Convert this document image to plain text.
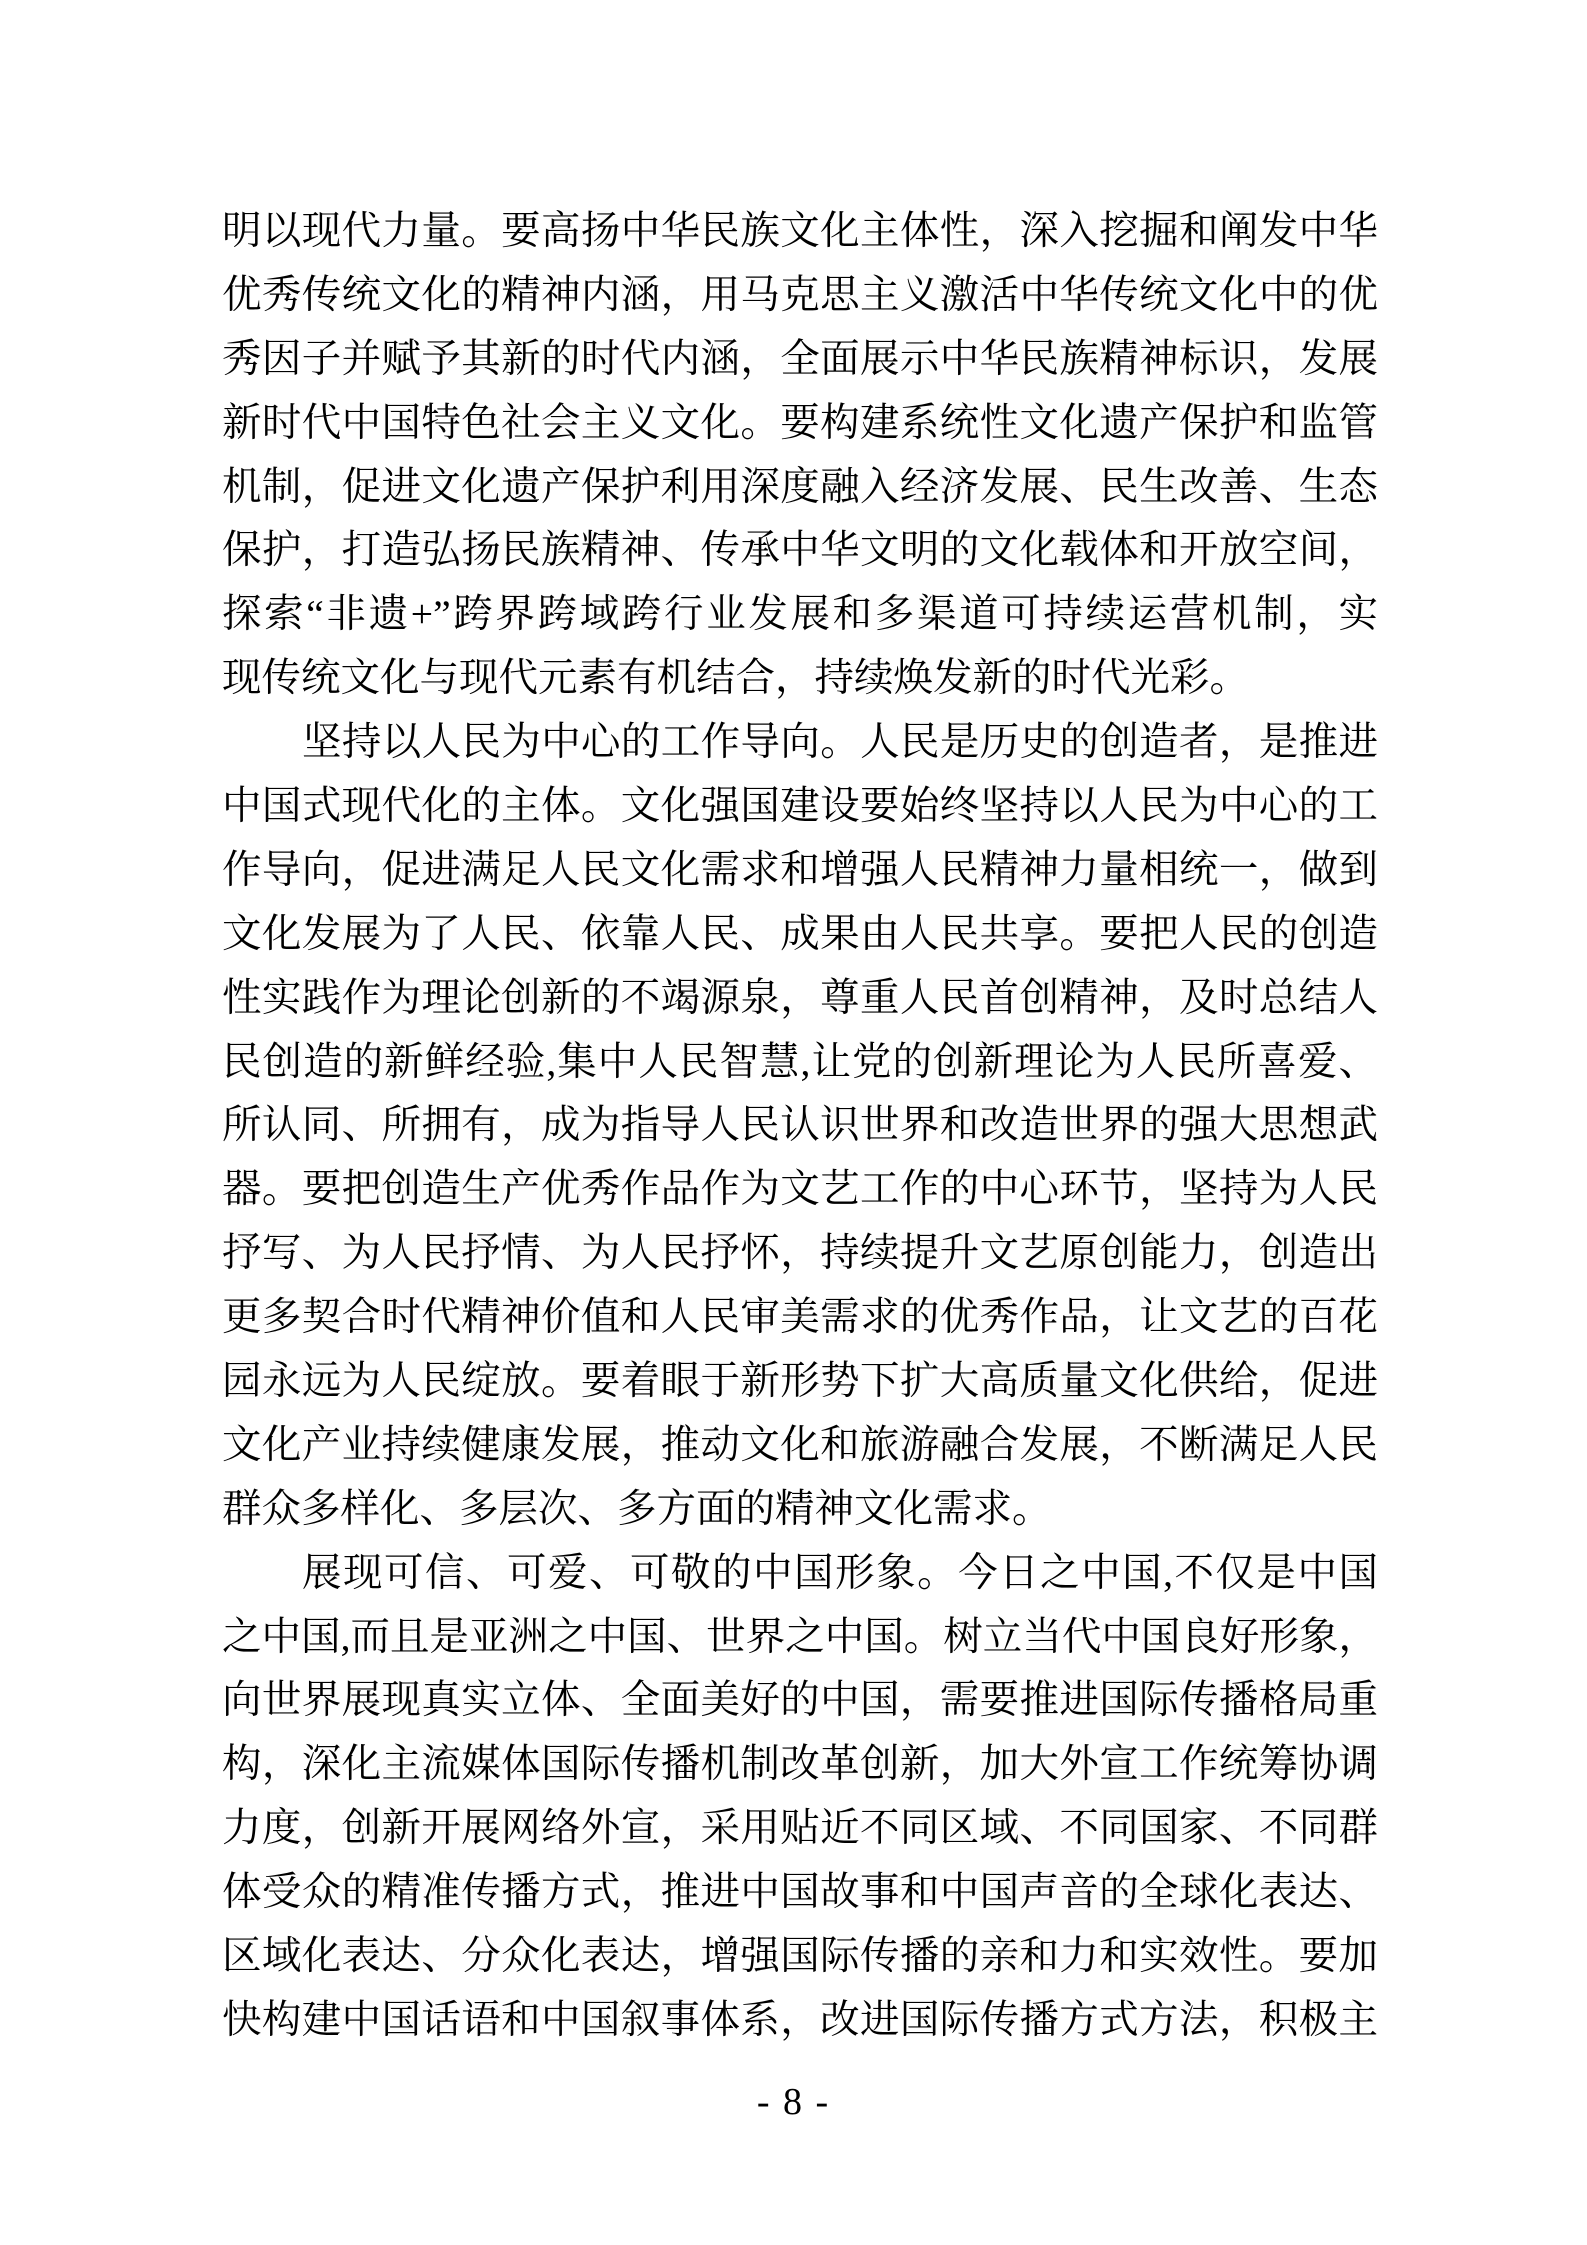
明以现代力量。要高扬中华民族文化主体性，深入挖掘和阐发中华
优秀传统文化的精神内涵，用马克思主义激活中华传统文化中的优
秀因子并赋予其新的时代内涵，全面展示中华民族精神标识，发展
新时代中国特色社会主义文化。要构建系统性文化遗产保护和监管
机制，促进文化遗产保护利用深度融入经济发展、民生改善、生态
保护，打造弘扬民族精神、传承中华文明的文化载体和开放空间，
探索“非遗+”跨界跨域跨行业发展和多渠道可持续运营机制，实
现传统文化与现代元素有机结合，持续焕发新的时代光彩。
坚持以人民为中心的工作导向。人民是历史的创造者，是推进
中国式现代化的主体。文化强国建设要始终坚持以人民为中心的工
作导向，促进满足人民文化需求和增强人民精神力量相统一，做到
文化发展为了人民、依靠人民、成果由人民共享。要把人民的创造
性实践作为理论创新的不竭源泉，尊重人民首创精神，及时总结人
民创造的新鲜经验,集中人民智慧,让党的创新理论为人民所喜爱、
所认同、所拥有，成为指导人民认识世界和改造世界的强大思想武
器。要把创造生产优秀作品作为文艺工作的中心环节，坚持为人民
抒写、为人民抒情、为人民抒怀，持续提升文艺原创能力，创造出
更多契合时代精神价值和人民审美需求的优秀作品，让文艺的百花
园永远为人民绽放。要着眼于新形势下扩大高质量文化供给，促进
文化产业持续健康发展，推动文化和旅游融合发展，不断满足人民
群众多样化、多层次、多方面的精神文化需求。
展现可信、可爱、可敬的中国形象。今日之中国,不仅是中国
之中国,而且是亚洲之中国、世界之中国。树立当代中国良好形象，
向世界展现真实立体、全面美好的中国，需要推进国际传播格局重
构，深化主流媒体国际传播机制改革创新，加大外宣工作统筹协调
力度，创新开展网络外宣，采用贴近不同区域、不同国家、不同群
体受众的精准传播方式，推进中国故事和中国声音的全球化表达、
区域化表达、分众化表达，增强国际传播的亲和力和实效性。要加
快构建中国话语和中国叙事体系，改进国际传播方式方法，积极主
- 8 -
